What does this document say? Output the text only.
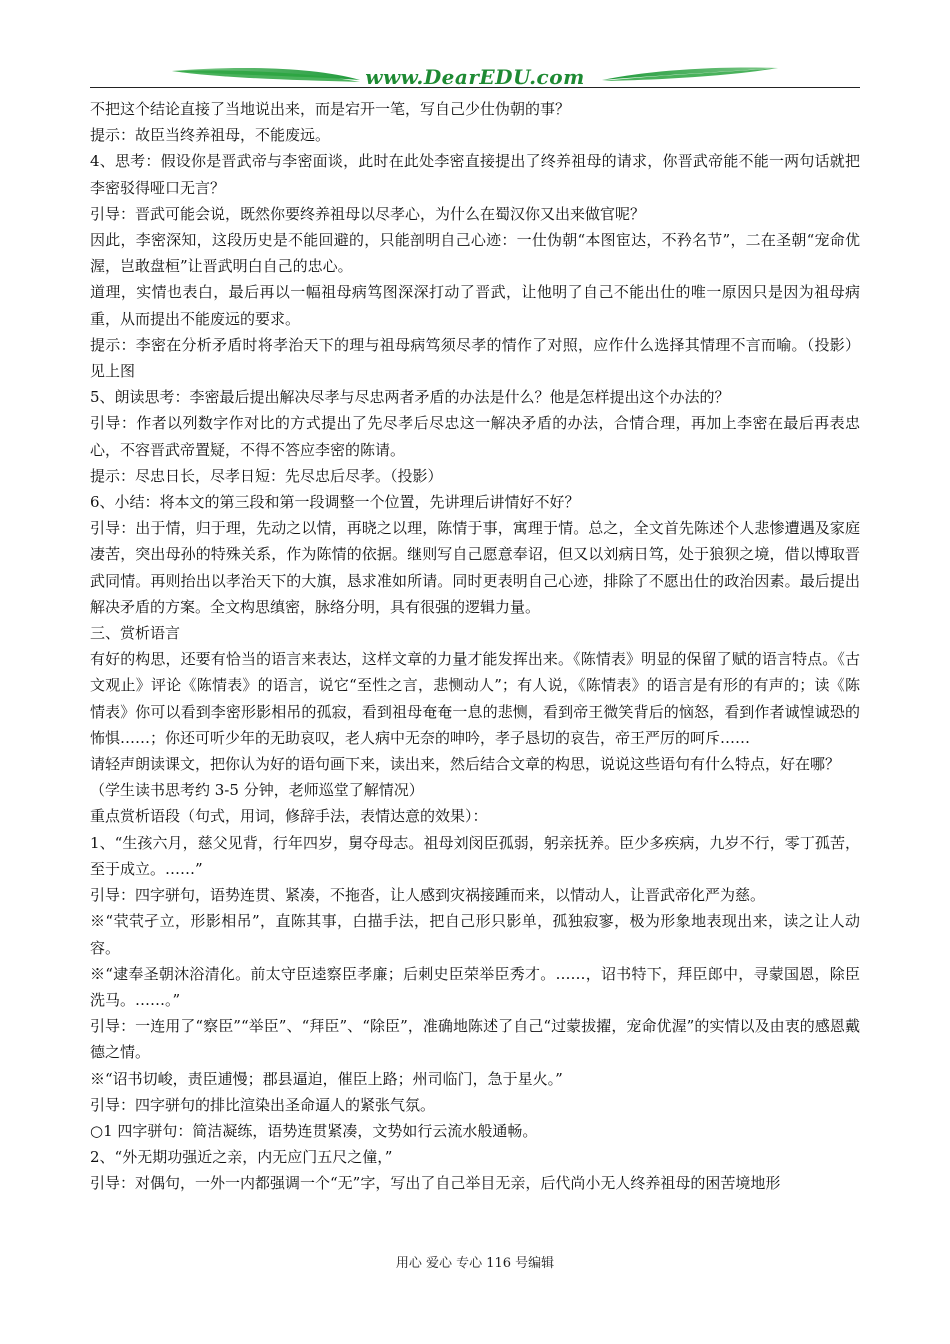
www.DearEDU.com

不把这个结论直接了当地说出来，而是宕开一笔，写自己少仕伪朝的事？

提示：故臣当终养祖母，不能废远。

4、思考：假设你是晋武帝与李密面谈，此时在此处李密直接提出了终养祖母的请求，你晋武帝能不能一两句话就把李密驳得哑口无言？

引导：晋武可能会说，既然你要终养祖母以尽孝心，为什么在蜀汉你又出来做官呢？

因此，李密深知，这段历史是不能回避的，只能剖明自己心迹：一仕伪朝“本图宦达，不矜名节”，二在圣朝“宠命优渥，岂敢盘桓”让晋武明白自己的忠心。

道理，实情也表白，最后再以一幅祖母病笃图深深打动了晋武，让他明了自己不能出仕的唯一原因只是因为祖母病重，从而提出不能废远的要求。

提示：李密在分析矛盾时将孝治天下的理与祖母病笃须尽孝的情作了对照，应作什么选择其情理不言而喻。（投影）见上图

5、朗读思考：李密最后提出解决尽孝与尽忠两者矛盾的办法是什么？他是怎样提出这个办法的？

引导：作者以列数字作对比的方式提出了先尽孝后尽忠这一解决矛盾的办法，合情合理，再加上李密在最后再表忠心，不容晋武帝置疑，不得不答应李密的陈请。

提示：尽忠日长，尽孝日短：先尽忠后尽孝。（投影）

6、小结：将本文的第三段和第一段调整一个位置，先讲理后讲情好不好？

引导：出于情，归于理，先动之以情，再晓之以理，陈情于事，寓理于情。总之，全文首先陈述个人悲惨遭遇及家庭凄苦，突出母孙的特殊关系，作为陈情的依据。继则写自己愿意奉诏，但又以刘病日笃，处于狼狈之境，借以博取晋武同情。再则抬出以孝治天下的大旗，恳求准如所请。同时更表明自己心迹，排除了不愿出仕的政治因素。最后提出解决矛盾的方案。全文构思缜密，脉络分明，具有很强的逻辑力量。

三、赏析语言

有好的构思，还要有恰当的语言来表达，这样文章的力量才能发挥出来。《陈情表》明显的保留了赋的语言特点。《古文观止》评论《陈情表》的语言，说它“至性之言，悲恻动人”；有人说，《陈情表》的语言是有形的有声的；读《陈情表》你可以看到李密形影相吊的孤寂，看到祖母奄奄一息的悲恻，看到帝王微笑背后的恼怒，看到作者诚惶诚恐的怖惧……；你还可听少年的无助哀叹，老人病中无奈的呻吟，孝子恳切的哀告，帝王严厉的呵斥……

请轻声朗读课文，把你认为好的语句画下来，读出来，然后结合文章的构思，说说这些语句有什么特点，好在哪？

（学生读书思考约 3-5 分钟，老师巡堂了解情况）

重点赏析语段（句式，用词，修辞手法，表情达意的效果）：

1、“生孩六月，慈父见背，行年四岁，舅夺母志。祖母刘闵臣孤弱，躬亲抚养。臣少多疾病，九岁不行，零丁孤苦，至于成立。……”

引导：四字骈句，语势连贯、紧凑，不拖沓，让人感到灾祸接踵而来，以情动人，让晋武帝化严为慈。

※“茕茕孑立，形影相吊”，直陈其事，白描手法，把自己形只影单，孤独寂寥，极为形象地表现出来，读之让人动容。

※“逮奉圣朝沐浴清化。前太守臣逵察臣孝廉；后刺史臣荣举臣秀才。……，诏书特下，拜臣郎中，寻蒙国恩，除臣洗马。……。”

引导：一连用了“察臣”“举臣”、“拜臣”、“除臣”，准确地陈述了自己“过蒙拔擢，宠命优渥”的实情以及由衷的感恩戴德之情。

※“诏书切峻，责臣逋慢；郡县逼迫，催臣上路；州司临门，急于星火。”

引导：四字骈句的排比渲染出圣命逼人的紧张气氛。

○1 四字骈句：简洁凝练，语势连贯紧凑，文势如行云流水般通畅。

2、“外无期功强近之亲，内无应门五尺之僮，”

引导：对偶句，一外一内都强调一个“无”字，写出了自己举目无亲，后代尚小无人终养祖母的困苦境地形

用心 爱心 专心 116 号编辑
